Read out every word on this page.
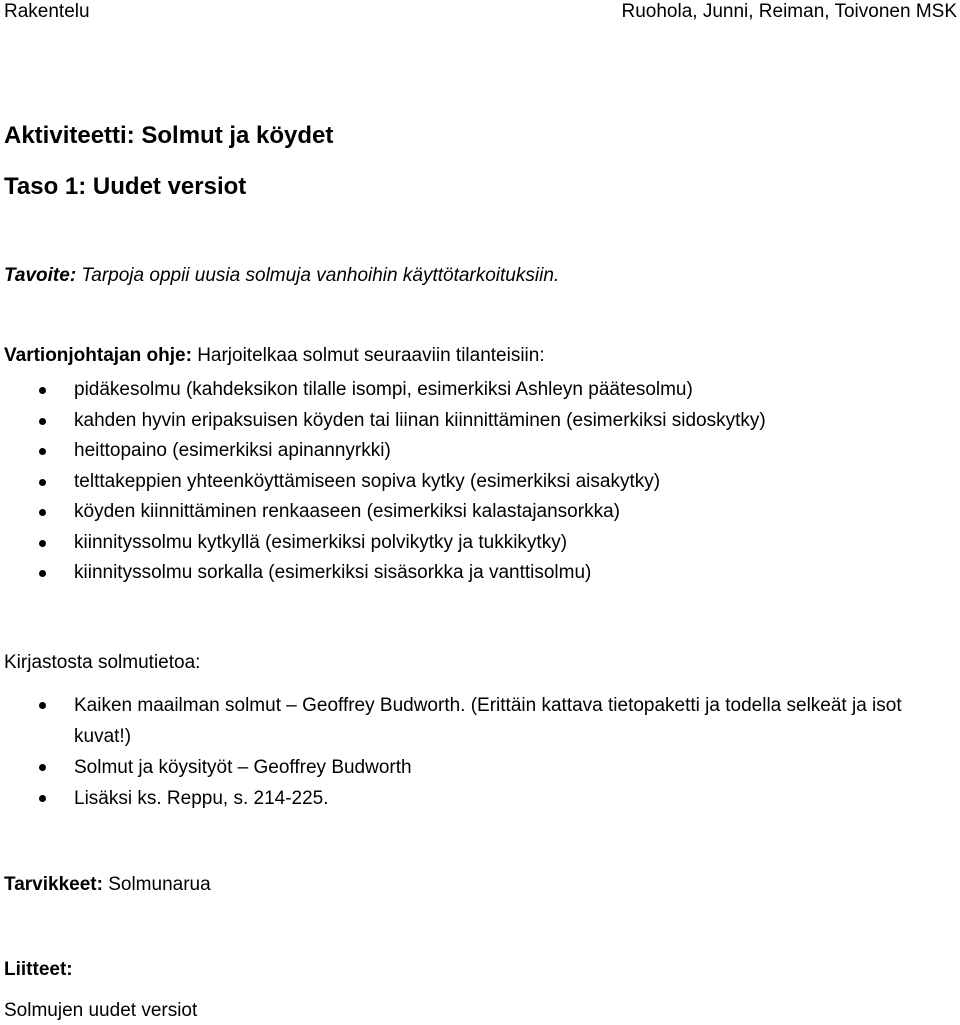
Rakentelu	Ruohola, Junni, Reiman, Toivonen MSK
Aktiviteetti: Solmut ja köydet
Taso 1: Uudet versiot
Tavoite: Tarpoja oppii uusia solmuja vanhoihin käyttötarkoituksiin.
Vartionjohtajan ohje: Harjoitelkaa solmut seuraaviin tilanteisiin:
pidäkesolmu (kahdeksikon tilalle isompi, esimerkiksi Ashleyn päätesolmu)
kahden hyvin eripaksuisen köyden tai liinan kiinnittäminen (esimerkiksi sidoskytky)
heittopaino (esimerkiksi apinannyrkki)
telttakeppien yhteenköyttämiseen sopiva kytky (esimerkiksi aisakytky)
köyden kiinnittäminen renkaaseen (esimerkiksi kalastajansorkka)
kiinnityssolmu kytkyllä (esimerkiksi polvikytky ja tukkikytky)
kiinnityssolmu sorkalla (esimerkiksi sisäsorkka ja vanttisolmu)
Kirjastosta solmutietoa:
Kaiken maailman solmut – Geoffrey Budworth. (Erittäin kattava tietopaketti ja todella selkeät ja isot kuvat!)
Solmut ja köysityöt – Geoffrey Budworth
Lisäksi ks. Reppu, s. 214-225.
Tarvikkeet: Solmunarua
Liitteet:
Solmujen uudet versiot
